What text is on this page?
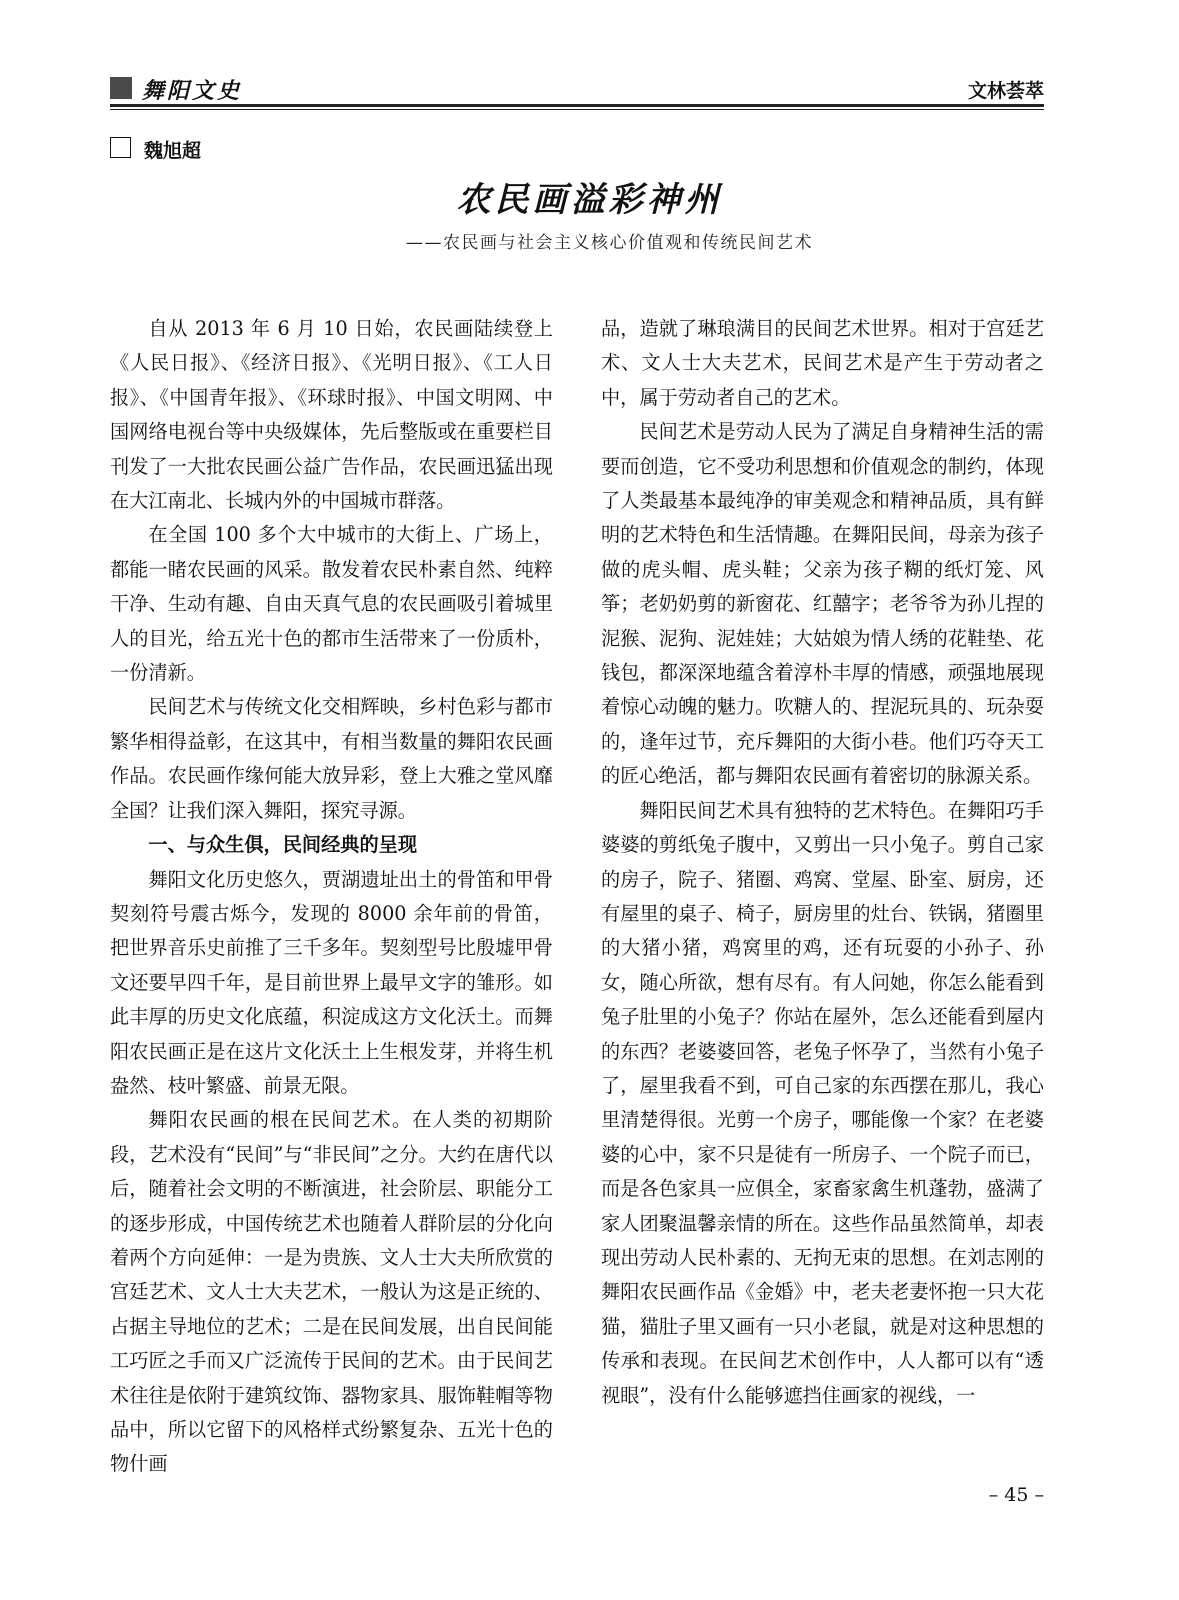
舞阳文史	文林荟萃
魏旭超
农民画溢彩神州
——农民画与社会主义核心价值观和传统民间艺术

自从 2013 年 6 月 10 日始，农民画陆续登上《人民日报》、《经济日报》、《光明日报》、《工人日报》、《中国青年报》、《环球时报》、中国文明网、中国网络电视台等中央级媒体，先后整版或在重要栏目刊发了一大批农民画公益广告作品，农民画迅猛出现在大江南北、长城内外的中国城市群落。

在全国 100 多个大中城市的大街上、广场上，都能一睹农民画的风采。散发着农民朴素自然、纯粹干净、生动有趣、自由天真气息的农民画吸引着城里人的目光，给五光十色的都市生活带来了一份质朴，一份清新。

民间艺术与传统文化交相辉映，乡村色彩与都市繁华相得益彰，在这其中，有相当数量的舞阳农民画作品。农民画作缘何能大放异彩，登上大雅之堂风靡全国？让我们深入舞阳，探究寻源。

一、与众生俱，民间经典的呈现

舞阳文化历史悠久，贾湖遗址出土的骨笛和甲骨契刻符号震古烁今，发现的 8000 余年前的骨笛，把世界音乐史前推了三千多年。契刻型号比殷墟甲骨文还要早四千年，是目前世界上最早文字的雏形。如此丰厚的历史文化底蕴，积淀成这方文化沃土。而舞阳农民画正是在这片文化沃土上生根发芽，并将生机盎然、枝叶繁盛、前景无限。

舞阳农民画的根在民间艺术。在人类的初期阶段，艺术没有“民间”与“非民间”之分。大约在唐代以后，随着社会文明的不断演进，社会阶层、职能分工的逐步形成，中国传统艺术也随着人群阶层的分化向着两个方向延伸：一是为贵族、文人士大夫所欣赏的宫廷艺术、文人士大夫艺术，一般认为这是正统的、占据主导地位的艺术；二是在民间发展，出自民间能工巧匠之手而又广泛流传于民间的艺术。由于民间艺术往往是依附于建筑纹饰、器物家具、服饰鞋帽等物品中，所以它留下的风格样式纷繁复杂、五光十色的物什画

品，造就了琳琅满目的民间艺术世界。相对于宫廷艺术、文人士大夫艺术，民间艺术是产生于劳动者之中，属于劳动者自己的艺术。

民间艺术是劳动人民为了满足自身精神生活的需要而创造，它不受功利思想和价值观念的制约，体现了人类最基本最纯净的审美观念和精神品质，具有鲜明的艺术特色和生活情趣。在舞阳民间，母亲为孩子做的虎头帽、虎头鞋；父亲为孩子糊的纸灯笼、风筝；老奶奶剪的新窗花、红囍字；老爷爷为孙儿捏的泥猴、泥狗、泥娃娃；大姑娘为情人绣的花鞋垫、花钱包，都深深地蕴含着淳朴丰厚的情感，顽强地展现着惊心动魄的魅力。吹糖人的、捏泥玩具的、玩杂耍的，逢年过节，充斥舞阳的大街小巷。他们巧夺天工的匠心绝活，都与舞阳农民画有着密切的脉源关系。

舞阳民间艺术具有独特的艺术特色。在舞阳巧手婆婆的剪纸兔子腹中，又剪出一只小兔子。剪自己家的房子，院子、猪圈、鸡窝、堂屋、卧室、厨房，还有屋里的桌子、椅子，厨房里的灶台、铁锅，猪圈里的大猪小猪，鸡窝里的鸡，还有玩耍的小孙子、孙女，随心所欲，想有尽有。有人问她，你怎么能看到兔子肚里的小兔子？你站在屋外，怎么还能看到屋内的东西？老婆婆回答，老兔子怀孕了，当然有小兔子了，屋里我看不到，可自己家的东西摆在那儿，我心里清楚得很。光剪一个房子，哪能像一个家？在老婆婆的心中，家不只是徒有一所房子、一个院子而已，而是各色家具一应俱全，家畜家禽生机蓬勃，盛满了家人团聚温馨亲情的所在。这些作品虽然简单，却表现出劳动人民朴素的、无拘无束的思想。在刘志刚的舞阳农民画作品《金婚》中，老夫老妻怀抱一只大花猫，猫肚子里又画有一只小老鼠，就是对这种思想的传承和表现。在民间艺术创作中，人人都可以有“透视眼”，没有什么能够遮挡住画家的视线，一

– 45 –
